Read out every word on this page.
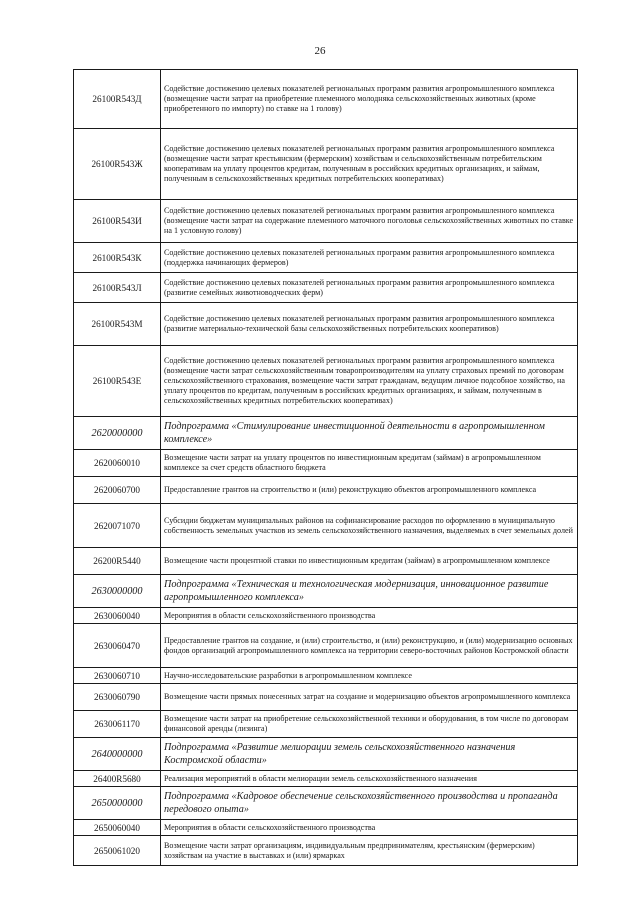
26
26100R543Д	Содействие достижению целевых показателей региональных программ развития агропромышленного комплекса (возмещение части затрат на приобретение племенного молодняка сельскохозяйственных животных (кроме приобретенного по импорту) по ставке на 1 голову)
26100R543Ж	Содействие достижению целевых показателей региональных программ развития агропромышленного комплекса (возмещение части затрат крестьянским (фермерским) хозяйствам и сельскохозяйственным потребительским кооперативам на уплату процентов кредитам, полученным в российских кредитных организациях, и займам, полученным в сельскохозяйственных кредитных потребительских кооперативах)
26100R543И	Содействие достижению целевых показателей региональных программ развития агропромышленного комплекса (возмещение части затрат на содержание племенного маточного поголовья сельскохозяйственных животных по ставке на 1 условную голову)
26100R543К	Содействие достижению целевых показателей региональных программ развития агропромышленного комплекса (поддержка начинающих фермеров)
26100R543Л	Содействие достижению целевых показателей региональных программ развития агропромышленного комплекса (развитие семейных животноводческих ферм)
26100R543М	Содействие достижению целевых показателей региональных программ развития агропромышленного комплекса (развитие материально-технической базы сельскохозяйственных потребительских кооперативов)
26100R543Е	Содействие достижению целевых показателей региональных программ развития агропромышленного комплекса (возмещение части затрат сельскохозяйственным товаропроизводителям на уплату страховых премий по договорам сельскохозяйственного страхования, возмещение части затрат гражданам, ведущим личное подсобное хозяйство, на уплату процентов по кредитам, полученным в российских кредитных организациях, и займам, полученным в сельскохозяйственных кредитных потребительских кооперативах)
2620000000	Подпрограмма «Стимулирование инвестиционной деятельности в агропромышленном комплексе»
2620060010	Возмещение части затрат на уплату процентов по инвестиционным кредитам (займам) в агропромышленном комплексе за счет средств областного бюджета
2620060700	Предоставление грантов на строительство и (или) реконструкцию объектов агропромышленного комплекса
2620071070	Субсидии бюджетам муниципальных районов на софинансирование расходов по оформлению в муниципальную собственность земельных участков из земель сельскохозяйственного назначения, выделяемых в счет земельных долей
26200R5440	Возмещение части процентной ставки по инвестиционным кредитам (займам) в агропромышленном комплексе
2630000000	Подпрограмма «Техническая и технологическая модернизация, инновационное развитие агропромышленного комплекса»
2630060040	Мероприятия в области сельскохозяйственного производства
2630060470	Предоставление грантов на создание, и (или) строительство, и (или) реконструкцию, и (или) модернизацию основных фондов организаций агропромышленного комплекса на территории северо-восточных районов Костромской области
2630060710	Научно-исследовательские разработки в агропромышленном комплексе
2630060790	Возмещение части прямых понесенных затрат на создание и модернизацию объектов агропромышленного комплекса
2630061170	Возмещение части затрат на приобретение сельскохозяйственной техники и оборудования, в том числе по договорам финансовой аренды (лизинга)
2640000000	Подпрограмма «Развитие мелиорации земель сельскохозяйственного назначения Костромской области»
26400R5680	Реализация мероприятий в области мелиорации земель сельскохозяйственного назначения
2650000000	Подпрограмма «Кадровое обеспечение сельскохозяйственного производства и пропаганда передового опыта»
2650060040	Мероприятия в области сельскохозяйственного производства
2650061020	Возмещение части затрат организациям, индивидуальным предпринимателям, крестьянским (фермерским) хозяйствам на участие в выставках и (или) ярмарках
